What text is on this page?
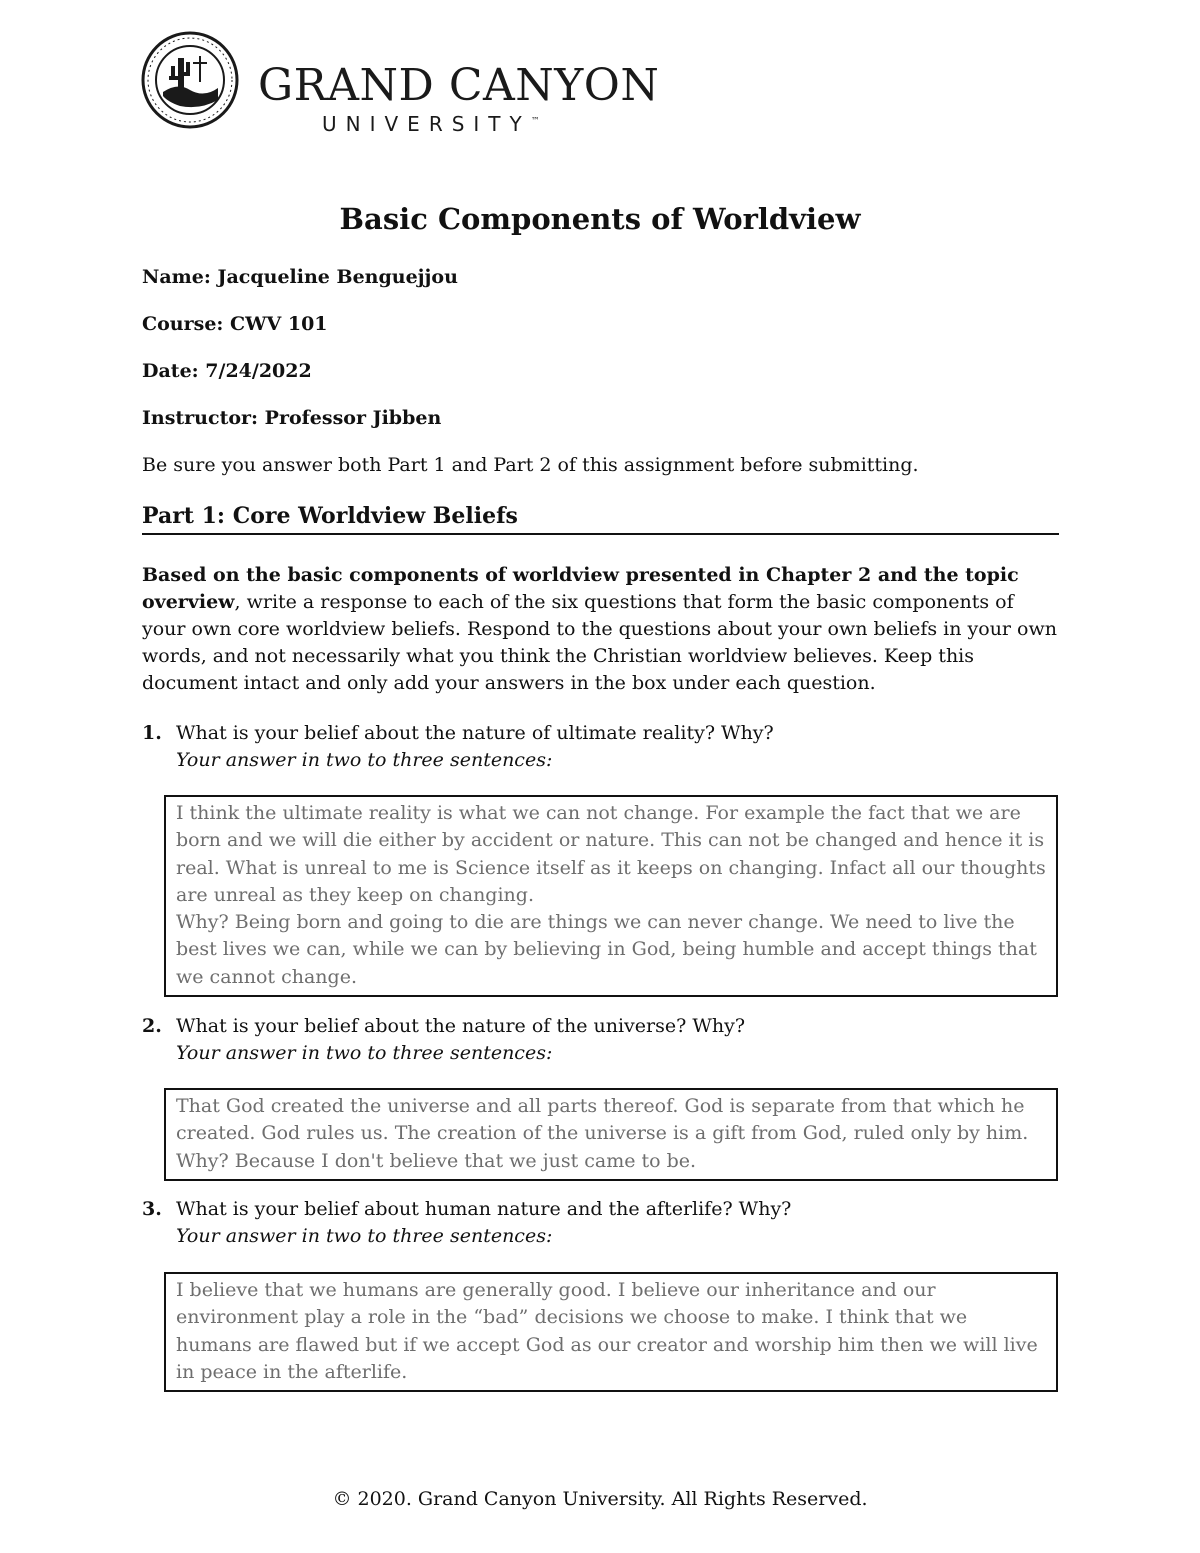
GRAND CANYON
UNIVERSITY™
Basic Components of Worldview
Name: Jacqueline Benguejjou
Course: CWV 101
Date: 7/24/2022
Instructor: Professor Jibben
Be sure you answer both Part 1 and Part 2 of this assignment before submitting.
Part 1: Core Worldview Beliefs
Based on the basic components of worldview presented in Chapter 2 and the topic overview, write a response to each of the six questions that form the basic components of your own core worldview beliefs. Respond to the questions about your own beliefs in your own words, and not necessarily what you think the Christian worldview believes. Keep this document intact and only add your answers in the box under each question.
1. What is your belief about the nature of ultimate reality? Why?
Your answer in two to three sentences:

I think the ultimate reality is what we can not change. For example the fact that we are born and we will die either by accident or nature. This can not be changed and hence it is real. What is unreal to me is Science itself as it keeps on changing. Infact all our thoughts are unreal as they keep on changing.

Why? Being born and going to die are things we can never change. We need to live the best lives we can, while we can by believing in God, being humble and accept things that we cannot change.

2. What is your belief about the nature of the universe? Why?
Your answer in two to three sentences:

That God created the universe and all parts thereof. God is separate from that which he created. God rules us. The creation of the universe is a gift from God, ruled only by him. Why? Because I don't believe that we just came to be.

3. What is your belief about human nature and the afterlife? Why?
Your answer in two to three sentences:

I believe that we humans are generally good. I believe our inheritance and our environment play a role in the “bad” decisions we choose to make. I think that we humans are flawed but if we accept God as our creator and worship him then we will live in peace in the afterlife.

© 2020. Grand Canyon University. All Rights Reserved.
